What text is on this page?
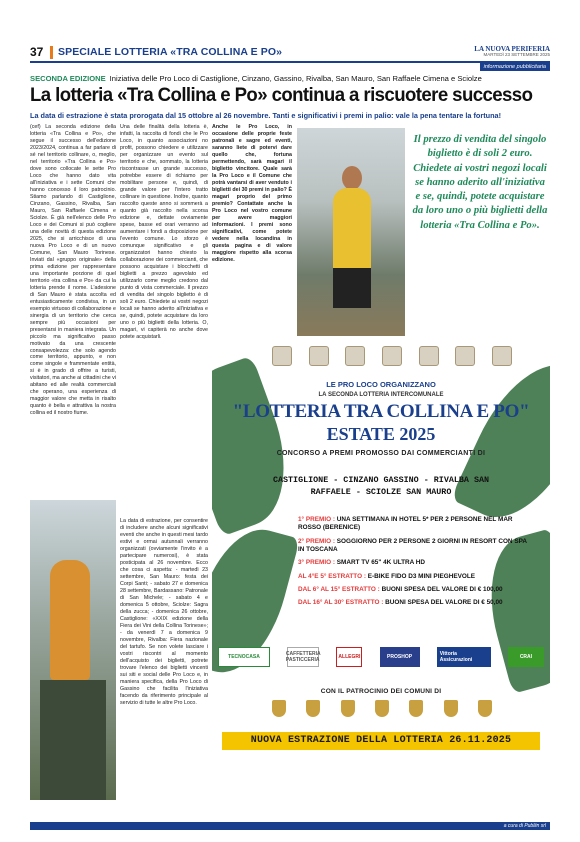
37	SPECIALE LOTTERIA «TRA COLLINA E PO»	LA NUOVA PERIFERIA
MARTEDÌ 23 SETTEMBRE 2025
informazione pubblicitaria
SECONDA EDIZIONE Iniziativa delle Pro Loco di Castiglione, Cinzano, Gassino, Rivalba, San Mauro, San Raffaele Cimena e Sciolze
La lotteria «Tra Collina e Po» continua a riscuotere successo
La data di estrazione è stata prorogata dal 15 ottobre al 26 novembre. Tanti e significativi i premi in palio: vale la pena tentare la fortuna!
(cef) La seconda edizione della lotteria «Tra Collina e Po», che segue il successo dell'edizione 2023/2024, continua a far parlare di sé nel territorio collinare, o, meglio, nel territorio «Tra Collina e Po» dove sono collocate le sette Pro Loco che hanno dato vita all'iniziativa e i sette Comuni che hanno concesso il loro patrocinio. Stiamo parlando di Castiglione, Cinzano, Gassino, Rivalba, San Mauro, San Raffaele Cimena e Sciolze. È già nell'elenco delle Pro Loco e dei Comuni si può cogliere una delle novità di questa edizione 2025, che si arricchisce di una nuova Pro Loco e di un nuovo Comune, San Mauro Torinese. Inviati dal «gruppo originale» della prima edizione per rappresentare una importante porzione di quel territorio «tra collina e Po» da cui la lotteria prende il nome. L'adesione di San Mauro è stata accolta ed entusiasticamente condivisa, in un esempio virtuoso di collaborazione e sinergia di un territorio che cerca sempre più occasioni per presentarsi in maniera integrata. Un piccolo ma significativo passo motivato da una crescente consapevolezza: che solo agendo come territorio, appunto, e non come singole e frammentate entità, si è in grado di offrire a turisti, visitatori, ma anche ai cittadini che vi abitano ed alle realtà commerciali che operano, una esperienza di maggior valore che metta in risalto quanto è bella e attrattiva la nostra collina ed il nostro fiume.
Una delle finalità della lotteria è, infatti, la raccolta di fondi che le Pro Loco, in quanto associazioni no profit, possono chiedere e utilizzare per organizzare un evento sul territorio e che, sommato, la lotteria riscontrasse un grande successo, potrebbe essere di richiamo per mobilitare persone e, quindi, di grande valore per l'intero tratto collinare in questione. Inoltre, quanto raccolto queste anno si sommerà a quanto già raccolto nella scorsa edizione e, dettate ovviamente spese, basse ed orari verranno ad aumentare i fondi a disposizione per l'evento comune. Lo sforzo è comunque significativo e gli organizzatori hanno chiesto la collaborazione dei commercianti, che possono acquistare i blocchetti di biglietti a prezzo agevolato ed utilizzarlo come meglio credono dal punto di vista commerciale. Il prezzo di vendita del singolo biglietto è di soli 2 euro. Chiedete ai vostri negozi locali se hanno aderito all'iniziativa e se, quindi, potete acquistare da loro uno o più biglietti della lotteria. O, magari, vi capiterà no anche dove potete acquistarli.

Anche le Pro Loco, in occasione delle proprie feste patronali e sagre ed eventi, saranno liete di potervi dare quello che, fortuna permettendo, sarà magari il biglietto vincitore. Quale sarà la Pro Loco e il Comune che potrà vantarsi di aver venduto i biglietti dei 30 premi in palio? È magari proprio del primo premio? Contattate anche la Pro Loco nel vostro comune per avere maggiori informazioni. I premi sono significativi, come potete vedere nella locandina in questa pagina e di valore maggiore rispetto alla scorsa edizione.

La data di estrazione, per consentire di includere anche alcuni significativi eventi che anche in questi mesi tardo estivi e ormai autunnali verranno organizzati (ovviamente l'invito è a partecipare numerosi), è stata posticipata al 26 novembre. Ecco che cosa ci aspetta: - martedì 23 settembre, San Mauro: festa dei Corpi Santi; - sabato 27 e domenica 28 settembre, Bardassano: Patronale di San Michele; - sabato 4 e domenica 5 ottobre, Sciolze: Sagra della zucca; - domenica 26 ottobre, Castiglione: «XXIX edizione della Fiera dei Vini della Collina Torinese»; - da venerdì 7 a domenica 9 novembre, Rivalba: Fiera nazionale del tartufo. Se non volete lasciare i vostri riscontri al momento dell'acquisto dei biglietti, potrete trovare l'elenco dei biglietti vincenti sui siti e social delle Pro Loco e, in maniera specifica, della Pro Loco di Gassino che facilita l'iniziativa facendo da riferimento principale al servizio di tutte le altre Pro Loco.
Il prezzo di vendita del singolo biglietto è di soli 2 euro. Chiedete ai vostri negozi locali se hanno aderito all'iniziativa e se, quindi, potete acquistare da loro uno o più biglietti della lotteria «Tra Collina e Po».
LE PRO LOCO ORGANIZZANO
LA SECONDA LOTTERIA INTERCOMUNALE
"LOTTERIA TRA COLLINA E PO"
ESTATE 2025
CONCORSO A PREMI PROMOSSO DAI COMMERCIANTI DI
CASTIGLIONE - CINZANO GASSINO - RIVALBA SAN RAFFAELE - SCIOLZE SAN MAURO
1° PREMIO : UNA SETTIMANA IN HOTEL 5* PER 2 PERSONE NEL MAR ROSSO (BERENICE)
2° PREMIO : SOGGIORNO PER 2 PERSONE 2 GIORNI IN RESORT CON SPA IN TOSCANA
3° PREMIO : SMART TV 65" 4K ULTRA HD
AL 4°E 5° ESTRATTO : E-BIKE FIDO D3 MINI PIEGHEVOLE
DAL 6° AL 15° ESTRATTO : BUONI SPESA DEL VALORE DI € 100,00
DAL 16° AL 30° ESTRATTO : BUONI SPESA DEL VALORE DI € 50,00
TECNOCASA	CAFFETTERIA PASTICCERIA	ALLEGRI	PROSHOP	Vittoria Assicurazioni	CRAI
CON IL PATROCINIO DEI COMUNI DI
NUOVA ESTRAZIONE DELLA LOTTERIA 26.11.2025
a cura di Publiin srl
